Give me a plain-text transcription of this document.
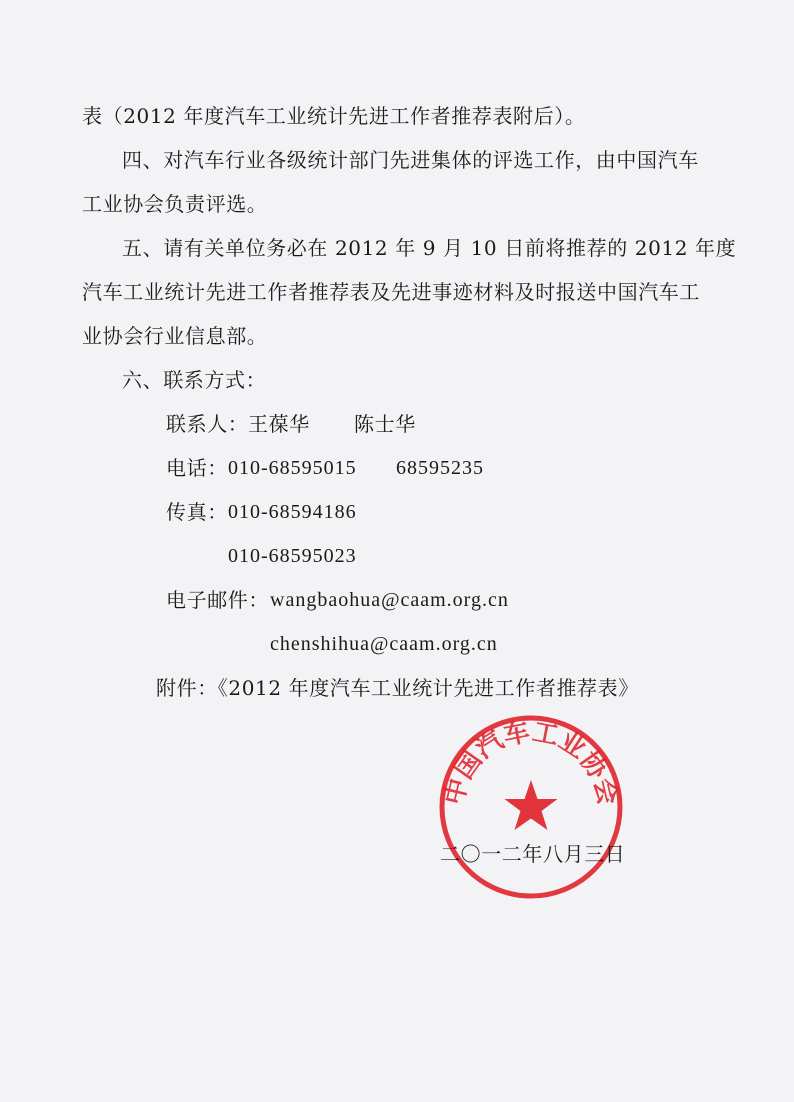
表（2012 年度汽车工业统计先进工作者推荐表附后）。
四、对汽车行业各级统计部门先进集体的评选工作，由中国汽车
工业协会负责评选。
五、请有关单位务必在 2012 年 9 月 10 日前将推荐的 2012 年度
汽车工业统计先进工作者推荐表及先进事迹材料及时报送中国汽车工
业协会行业信息部。
六、联系方式：
联系人： 王葆华 陈士华
电话： 010-68595015 68595235
传真： 010-68594186
010-68595023
电子邮件： wangbaohua@caam.org.cn
chenshihua@caam.org.cn
附件：《2012 年度汽车工业统计先进工作者推荐表》
中国汽车工业协会
二〇一二年八月三日
